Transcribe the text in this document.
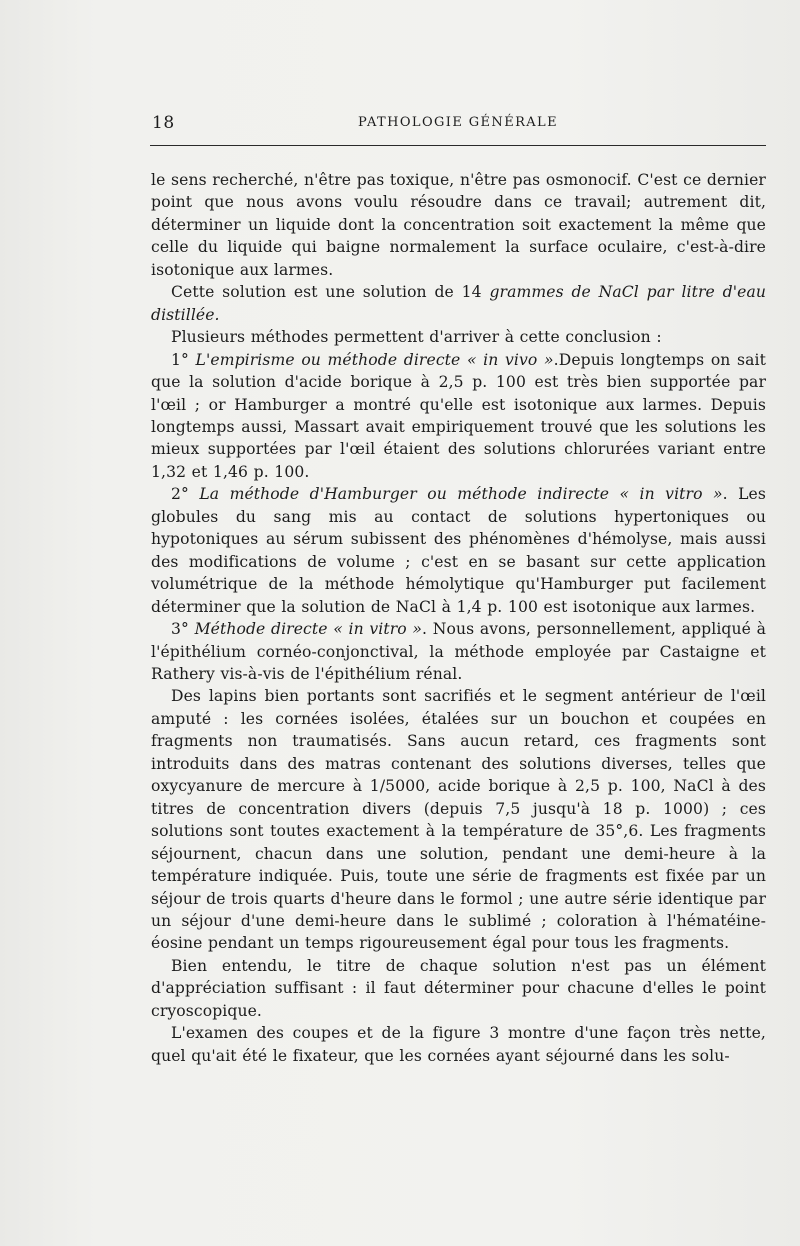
18	PATHOLOGIE GÉNÉRALE

le sens recherché, n'être pas toxique, n'être pas osmonocif. C'est ce dernier point que nous avons voulu résoudre dans ce travail; autrement dit, déterminer un liquide dont la concentration soit exactement la même que celle du liquide qui baigne normalement la surface oculaire, c'est-à-dire isotonique aux larmes.

Cette solution est une solution de 14 grammes de NaCl par litre d'eau distillée.

Plusieurs méthodes permettent d'arriver à cette conclusion :

1° L'empirisme ou méthode directe « in vivo ».Depuis longtemps on sait que la solution d'acide borique à 2,5 p. 100 est très bien supportée par l'œil ; or Hamburger a montré qu'elle est isotonique aux larmes. Depuis longtemps aussi, Massart avait empiriquement trouvé que les solutions les mieux supportées par l'œil étaient des solutions chlorurées variant entre 1,32 et 1,46 p. 100.

2° La méthode d'Hamburger ou méthode indirecte « in vitro ». Les globules du sang mis au contact de solutions hypertoniques ou hypotoniques au sérum subissent des phénomènes d'hémolyse, mais aussi des modifications de volume ; c'est en se basant sur cette application volumétrique de la méthode hémolytique qu'Hamburger put facilement déterminer que la solution de NaCl à 1,4 p. 100 est isotonique aux larmes.

3° Méthode directe « in vitro ». Nous avons, personnellement, appliqué à l'épithélium cornéo-conjonctival, la méthode employée par Castaigne et Rathery vis-à-vis de l'épithélium rénal.

Des lapins bien portants sont sacrifiés et le segment antérieur de l'œil amputé : les cornées isolées, étalées sur un bouchon et coupées en fragments non traumatisés. Sans aucun retard, ces fragments sont introduits dans des matras contenant des solutions diverses, telles que oxycyanure de mercure à 1/5000, acide borique à 2,5 p. 100, NaCl à des titres de concentration divers (depuis 7,5 jusqu'à 18 p. 1000) ; ces solutions sont toutes exactement à la température de 35°,6. Les fragments séjournent, chacun dans une solution, pendant une demi-heure à la température indiquée. Puis, toute une série de fragments est fixée par un séjour de trois quarts d'heure dans le formol ; une autre série identique par un séjour d'une demi-heure dans le sublimé ; coloration à l'hématéine-éosine pendant un temps rigoureusement égal pour tous les fragments.

Bien entendu, le titre de chaque solution n'est pas un élément d'appréciation suffisant : il faut déterminer pour chacune d'elles le point cryoscopique.

L'examen des coupes et de la figure 3 montre d'une façon très nette, quel qu'ait été le fixateur, que les cornées ayant séjourné dans les solu-
